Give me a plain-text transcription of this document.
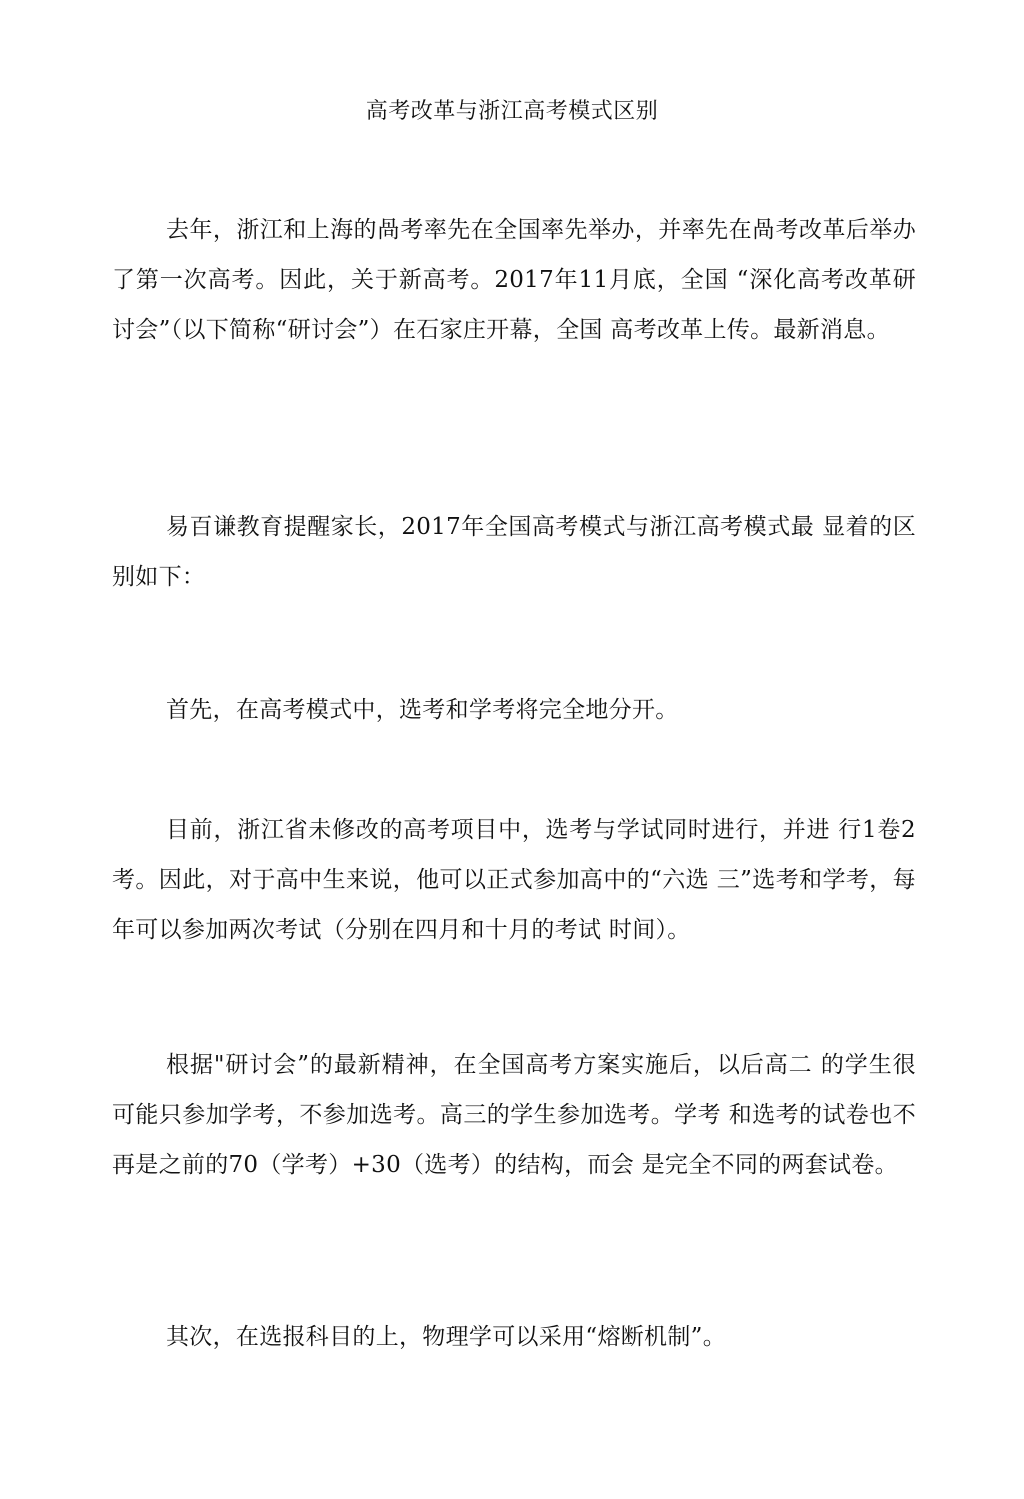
高考改革与浙江高考模式区别

去年，浙江和上海的咼考率先在全国率先举办，并率先在咼考改革后举办了第一次高考。因此，关于新高考。2017年11月底，全国 “深化高考改革研讨会”（以下简称“研讨会”）在石家庄开幕，全国 高考改革上传。最新消息。

易百谦教育提醒家长，2017年全国高考模式与浙江高考模式最 显着的区别如下：

首先，在高考模式中，选考和学考将完全地分开。

目前，浙江省未修改的高考项目中，选考与学试同时进行，并进 行1卷2考。因此，对于高中生来说，他可以正式参加高中的“六选 三”选考和学考，每年可以参加两次考试（分别在四月和十月的考试 时间）。

根据"研讨会”的最新精神，在全国高考方案实施后，以后高二 的学生很可能只参加学考，不参加选考。高三的学生参加选考。学考 和选考的试卷也不再是之前的70（学考）+30（选考）的结构，而会 是完全不同的两套试卷。

其次，在选报科目的上，物理学可以采用“熔断机制”。
